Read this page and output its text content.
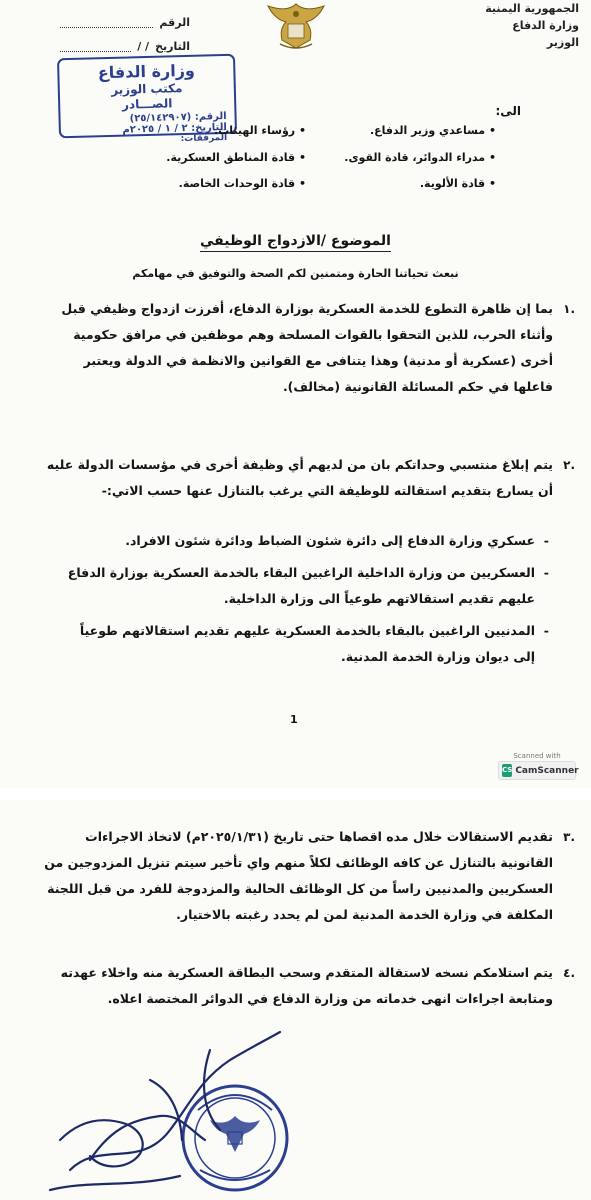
الجمهورية اليمنية
وزارة الدفاع
الوزير
الرقم
التاريخ
/ /
وزارة الدفاع
مكتب الوزير
الصـــادر
الرقم: (٢٥/١٤٢٩٠٧)
التاريخ: ٢ / ١ / ٢٠٢٥م
المرفقات:
الى:
• مساعدي وزير الدفاع.
• مدراء الدوائر، قادة القوى.
• قادة الألوية.
• رؤساء الهيئات.
• قادة المناطق العسكرية.
• قادة الوحدات الخاصة.
الموضوع /الازدواج الوظيفي
نبعث تحياتنا الحارة ومتمنين لكم الصحة والتوفيق في مهامكم
.١
بما إن ظاهرة التطوع للخدمة العسكرية بوزارة الدفاع، أفرزت ازدواج وظيفي قبل وأثناء الحرب، للذين التحقوا بالقوات المسلحة وهم موظفين في مرافق حكومية أخرى (عسكرية أو مدنية) وهذا يتنافى مع القوانين والانظمة في الدولة ويعتبر فاعلها في حكم المسائلة القانونية (مخالف).
.٢
يتم إبلاغ منتسبي وحداتكم بان من لديهم أي وظيفة أخرى في مؤسسات الدولة عليه أن يسارع بتقديم استقالته للوظيفة التي يرغب بالتنازل عنها حسب الاتي:-
- عسكري وزارة الدفاع إلى دائرة شئون الضباط ودائرة شئون الافراد.
- العسكريين من وزارة الداخلية الراغبين البقاء بالخدمة العسكرية بوزارة الدفاع عليهم تقديم استقالاتهم طوعياً الى وزارة الداخلية.
- المدنيين الراغبين بالبقاء بالخدمة العسكرية عليهم تقديم استقالاتهم طوعياً إلى ديوان وزارة الخدمة المدنية.
1
Scanned with
CS CamScanner
.٣
تقديم الاستقالات خلال مده اقصاها حتى تاريخ (٢٠٢٥/١/٣١م) لاتخاذ الاجراءات القانونية بالتنازل عن كافه الوظائف لكلاً منهم واي تأخير سيتم تنزيل المزدوجين من العسكريين والمدنيين راساً من كل الوظائف الحالية والمزدوجة للفرد من قبل اللجنة المكلفة في وزارة الخدمة المدنية لمن لم يحدد رغبته بالاختيار.
.٤
يتم استلامكم نسخه لاستقالة المتقدم وسحب البطاقة العسكرية منه واخلاء عهدته ومتابعة اجراءات انهى خدماته من وزارة الدفاع في الدوائر المختصة اعلاه.
